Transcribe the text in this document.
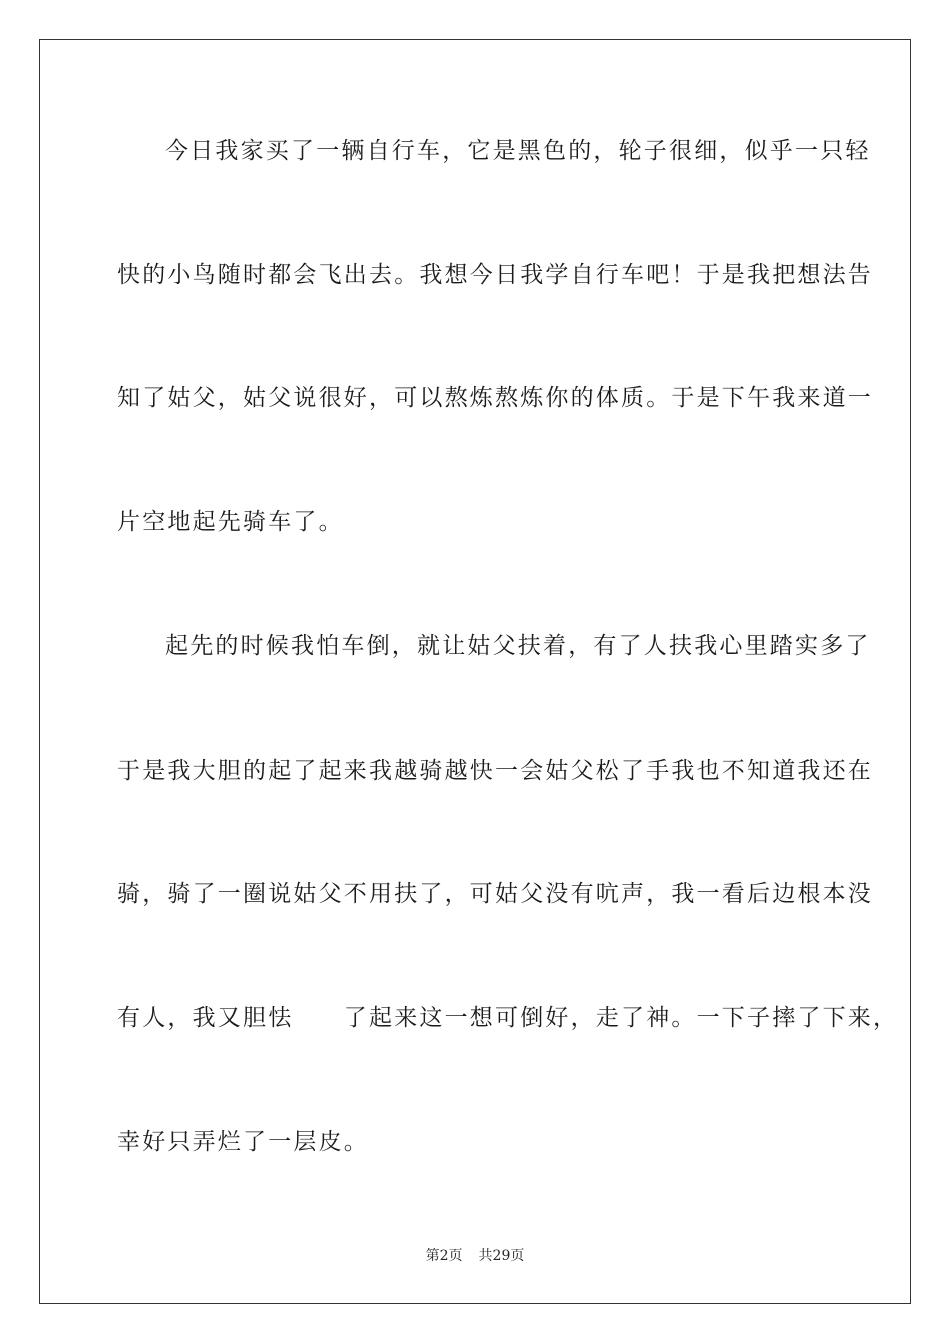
今日我家买了一辆自行车，它是黑色的，轮子很细，似乎一只轻
快的小鸟随时都会飞出去。我想今日我学自行车吧！于是我把想法告
知了姑父，姑父说很好，可以熬炼熬炼你的体质。于是下午我来道一
片空地起先骑车了。
起先的时候我怕车倒，就让姑父扶着，有了人扶我心里踏实多了
于是我大胆的起了起来我越骑越快一会姑父松了手我也不知道我还在
骑，骑了一圈说姑父不用扶了，可姑父没有吭声，我一看后边根本没
有人，我又胆怯　　了起来这一想可倒好，走了神。一下子摔了下来，
幸好只弄烂了一层皮。
第2页 共29页
